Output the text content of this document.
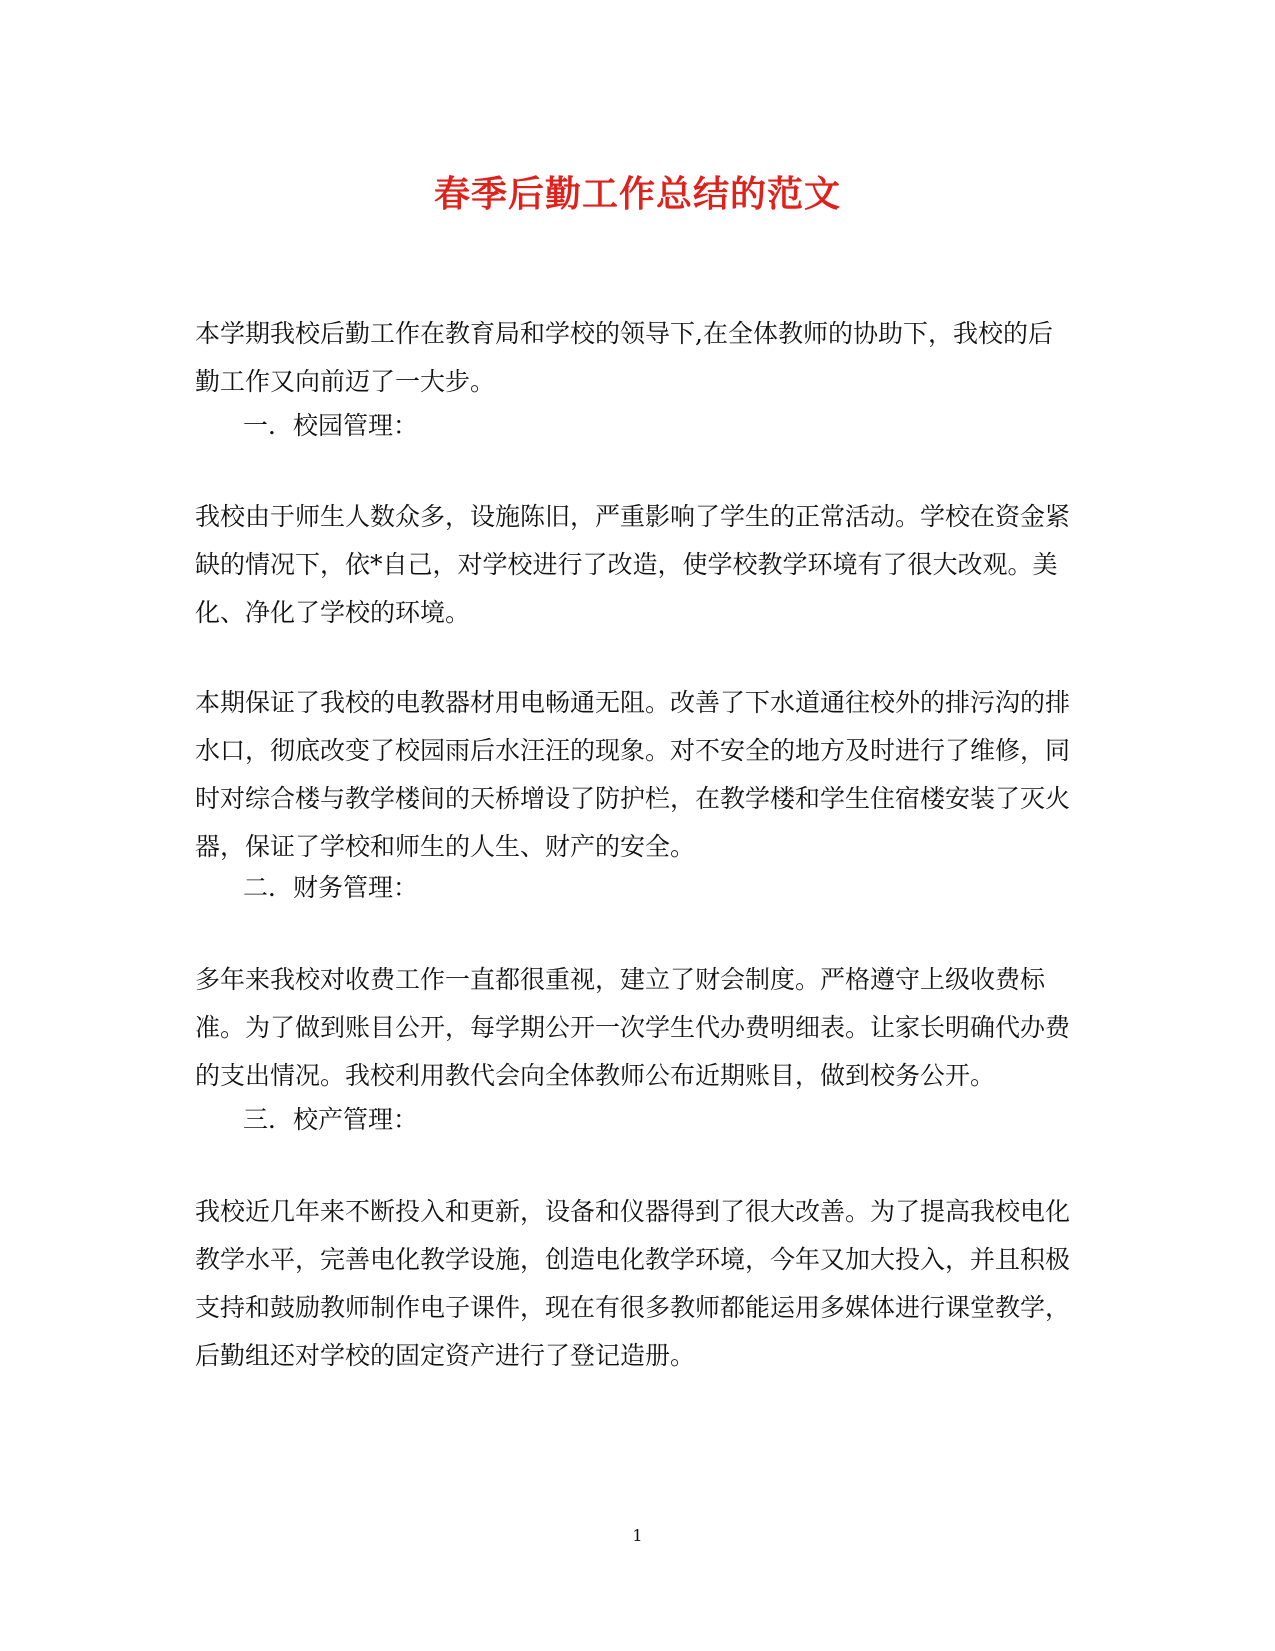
春季后勤工作总结的范文
本学期我校后勤工作在教育局和学校的领导下,在全体教师的协助下，我校的后勤工作又向前迈了一大步。
一．校园管理：
我校由于师生人数众多，设施陈旧，严重影响了学生的正常活动。学校在资金紧缺的情况下，依*自己，对学校进行了改造，使学校教学环境有了很大改观。美化、净化了学校的环境。
本期保证了我校的电教器材用电畅通无阻。改善了下水道通往校外的排污沟的排水口，彻底改变了校园雨后水汪汪的现象。对不安全的地方及时进行了维修，同时对综合楼与教学楼间的天桥增设了防护栏，在教学楼和学生住宿楼安装了灭火器，保证了学校和师生的人生、财产的安全。
二．财务管理：
多年来我校对收费工作一直都很重视，建立了财会制度。严格遵守上级收费标准。为了做到账目公开，每学期公开一次学生代办费明细表。让家长明确代办费的支出情况。我校利用教代会向全体教师公布近期账目，做到校务公开。
三．校产管理：
我校近几年来不断投入和更新，设备和仪器得到了很大改善。为了提高我校电化教学水平，完善电化教学设施，创造电化教学环境，今年又加大投入，并且积极支持和鼓励教师制作电子课件，现在有很多教师都能运用多媒体进行课堂教学，后勤组还对学校的固定资产进行了登记造册。
1
